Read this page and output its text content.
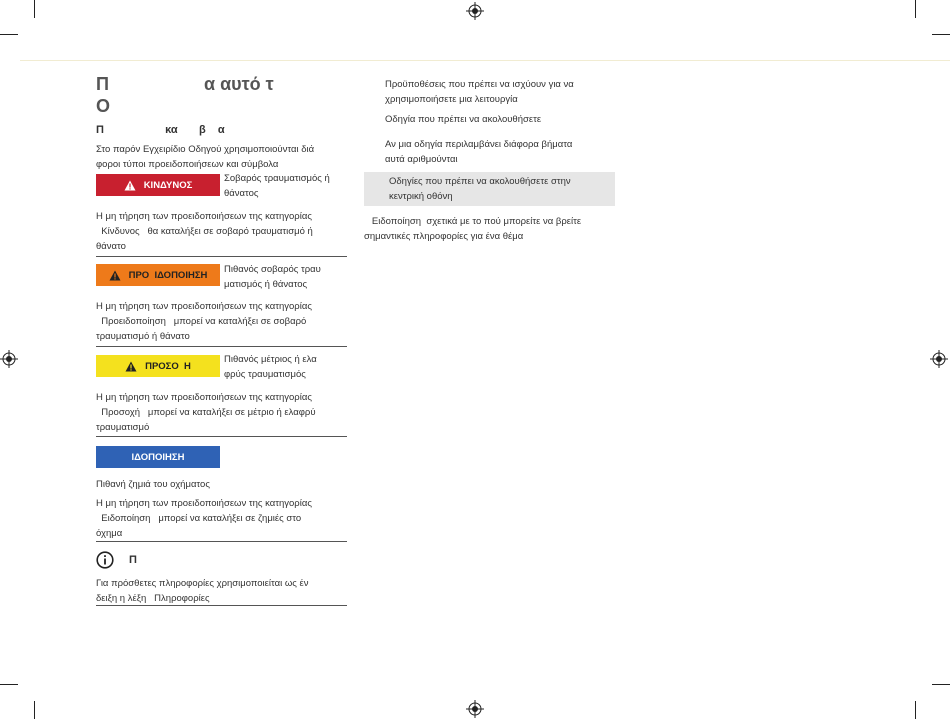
Π                   α αυτό τ
Ο
Π                    κα       β    α
Στο παρόν Εγχειρίδιο Οδηγού χρησιμοποιούνται διά
φοροι τύποι προειδοποιήσεων και σύμβολα
ΚΙΝΔΥΝΟΣ
Σοβαρός τραυματισμός ή
θάνατος
Η μη τήρηση των προειδοποιήσεων της κατηγορίας
Κίνδυνος   θα καταλήξει σε σοβαρό τραυματισμό ή
θάνατο
ΠΡΟ  ΙΔΟΠΟΙΗΣΗ Πιθανός σοβαρός τραυ
ματισμός ή θάνατος
Η μη τήρηση των προειδοποιήσεων της κατηγορίας
Προειδοποίηση   μπορεί να καταλήξει σε σοβαρό
τραυματισμό ή θάνατο
ΠΡΟΣΟ  Η
Πιθανός μέτριος ή ελα
φρύς τραυματισμός
Η μη τήρηση των προειδοποιήσεων της κατηγορίας
Προσοχή   μπορεί να καταλήξει σε μέτριο ή ελαφρύ
τραυματισμό
ΙΔΟΠΟΙΗΣΗ
Πιθανή ζημιά του οχήματος
Η μη τήρηση των προειδοποιήσεων της κατηγορίας
Ειδοποίηση   μπορεί να καταλήξει σε ζημιές στο
όχημα
Π
Για πρόσθετες πληροφορίες χρησιμοποιείται ως έν
δειξη η λέξη   Πληροφορίες
Προϋποθέσεις που πρέπει να ισχύουν για να
χρησιμοποιήσετε μια λειτουργία
Οδηγία που πρέπει να ακολουθήσετε
Αν μια οδηγία περιλαμβάνει διάφορα βήματα
αυτά αριθμούνται
Οδηγίες που πρέπει να ακολουθήσετε στην
κεντρική οθόνη
Ειδοποίηση  σχετικά με το πού μπορείτε να βρείτε
σημαντικές πληροφορίες για ένα θέμα
